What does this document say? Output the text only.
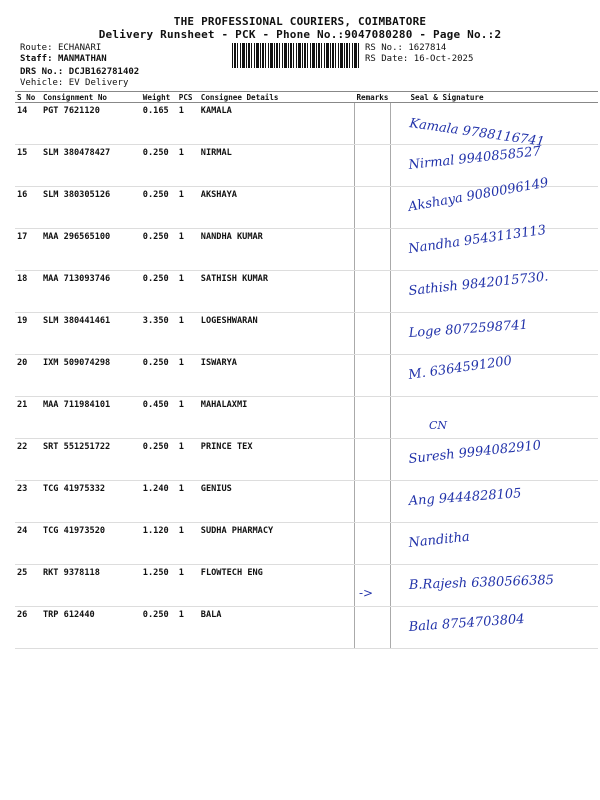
THE PROFESSIONAL COURIERS, COIMBATORE
Delivery Runsheet - PCK - Phone No.:9047080280 - Page No.:2
Route: ECHANARI
Staff: MANMATHAN
DRS No.: DCJB162781402
Vehicle: EV Delivery
RS No.: 1627814
RS Date: 16-Oct-2025
S No	Consignment No	Weight	PCS	Consignee Details	Remarks	Seal & Signature
14	PGT 7621120	0.165	1	KAMALA		Kamala 9788116741

15	SLM 380478427	0.250	1	NIRMAL		Nirmal 9940858527

16	SLM 380305126	0.250	1	AKSHAYA		Akshaya 9080096149

17	MAA 296565100	0.250	1	NANDHA KUMAR		Nandha 9543113113

18	MAA 713093746	0.250	1	SATHISH KUMAR		Sathish 9842015730.

19	SLM 380441461	3.350	1	LOGESHWARAN		Loge 8072598741

20	IXM 509074298	0.250	1	ISWARYA		M. 6364591200

21	MAA 711984101	0.450	1	MAHALAXMI		CN

22	SRT 551251722	0.250	1	PRINCE TEX		Suresh 9994082910

23	TCG 41975332	1.240	1	GENIUS		Ang 9444828105

24	TCG 41973520	1.120	1	SUDHA PHARMACY		Nanditha

25	RKT 9378118	1.250	1	FLOWTECH ENG	->	B.Rajesh 6380566385

26	TRP 612440	0.250	1	BALA		Bala 8754703804
